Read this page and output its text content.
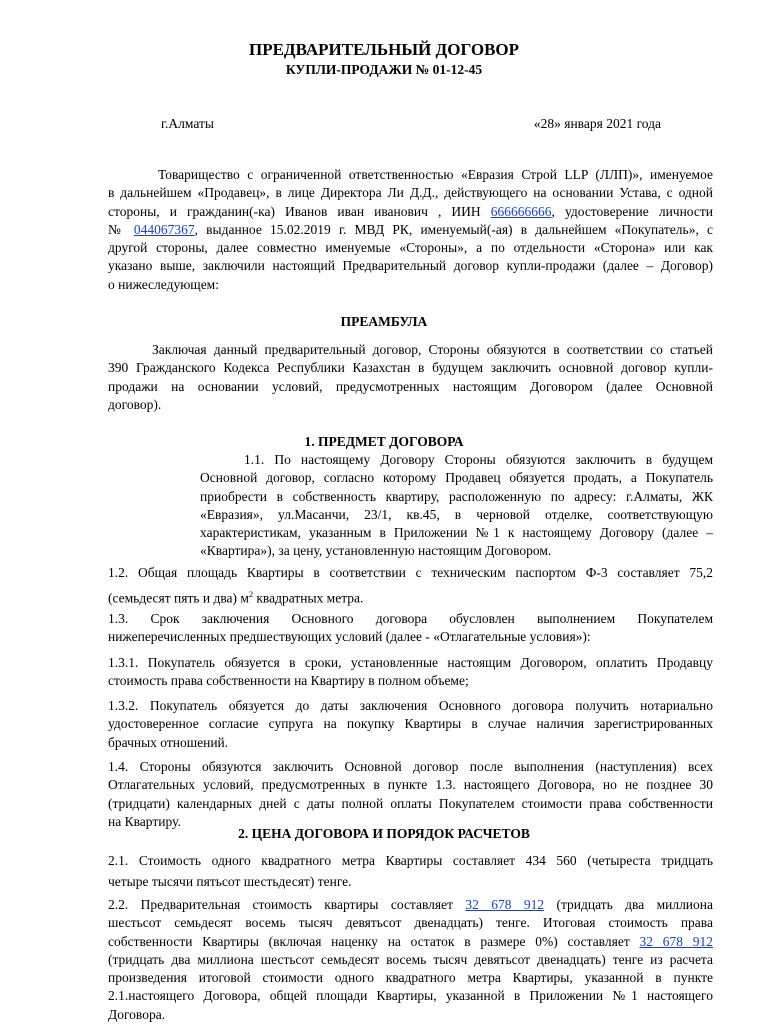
ПРЕДВАРИТЕЛЬНЫЙ ДОГОВОР
КУПЛИ-ПРОДАЖИ № 01-12-45
г.Алматы	«28» января 2021 года
Товарищество с ограниченной ответственностью «Евразия Строй LLP (ЛЛП)», именуемое
в дальнейшем «Продавец», в лице Директора Ли Д.Д., действующего на основании Устава, с одной
стороны, и гражданин(-ка) Иванов иван иванович , ИИН 666666666, удостоверение личности
№ 044067367, выданное 15.02.2019 г. МВД РК, именуемый(-ая) в дальнейшем «Покупатель», с
другой стороны, далее совместно именуемые «Стороны», а по отдельности «Сторона» или как
указано выше, заключили настоящий Предварительный договор купли-продажи (далее – Договор)
о нижеследующем:
ПРЕАМБУЛА
Заключая данный предварительный договор, Стороны обязуются в соответствии со статьей
390 Гражданского Кодекса Республики Казахстан в будущем заключить основной договор купли-
продажи на основании условий, предусмотренных настоящим Договором (далее Основной
договор).
1. ПРЕДМЕТ ДОГОВОРА
1.1. По настоящему Договору Стороны обязуются заключить в будущем
Основной договор, согласно которому Продавец обязуется продать, а Покупатель
приобрести в собственность квартиру, расположенную по адресу: г.Алматы, ЖК
«Евразия», ул.Масанчи, 23/1, кв.45, в черновой отделке, соответствующую
характеристикам, указанным в Приложении №1 к настоящему Договору (далее –
«Квартира»), за цену, установленную настоящим Договором.
1.2. Общая площадь Квартиры в соответствии с техническим паспортом Ф-3 составляет 75,2
(семьдесят пять и два) $м^2$ квадратных метра.
1.3. Срок заключения Основного договора обусловлен выполнением Покупателем
нижеперечисленных предшествующих условий (далее - «Отлагательные условия»):
1.3.1. Покупатель обязуется в сроки, установленные настоящим Договором, оплатить Продавцу
стоимость права собственности на Квартиру в полном объеме;
1.3.2. Покупатель обязуется до даты заключения Основного договора получить нотариально
удостоверенное согласие супруга на покупку Квартиры в случае наличия зарегистрированных
брачных отношений.
1.4. Стороны обязуются заключить Основной договор после выполнения (наступления) всех
Отлагательных условий, предусмотренных в пункте 1.3. настоящего Договора, но не позднее 30
(тридцати) календарных дней с даты полной оплаты Покупателем стоимости права собственности
на Квартиру.
2. ЦЕНА ДОГОВОРА И ПОРЯДОК РАСЧЕТОВ
2.1. Стоимость одного квадратного метра Квартиры составляет 434 560 (четыреста тридцать
четыре тысячи пятьсот шестьдесят) тенге.
2.2. Предварительная стоимость квартиры составляет 32 678 912 (тридцать два миллиона
шестьсот семьдесят восемь тысяч девятьсот двенадцать) тенге. Итоговая стоимость права
собственности Квартиры (включая наценку на остаток в размере 0%) составляет 32 678 912
(тридцать два миллиона шестьсот семьдесят восемь тысяч девятьсот двенадцать) тенге из расчета
произведения итоговой стоимости одного квадратного метра Квартиры, указанной в пункте
2.1.настоящего Договора, общей площади Квартиры, указанной в Приложении №1 настоящего
Договора.
